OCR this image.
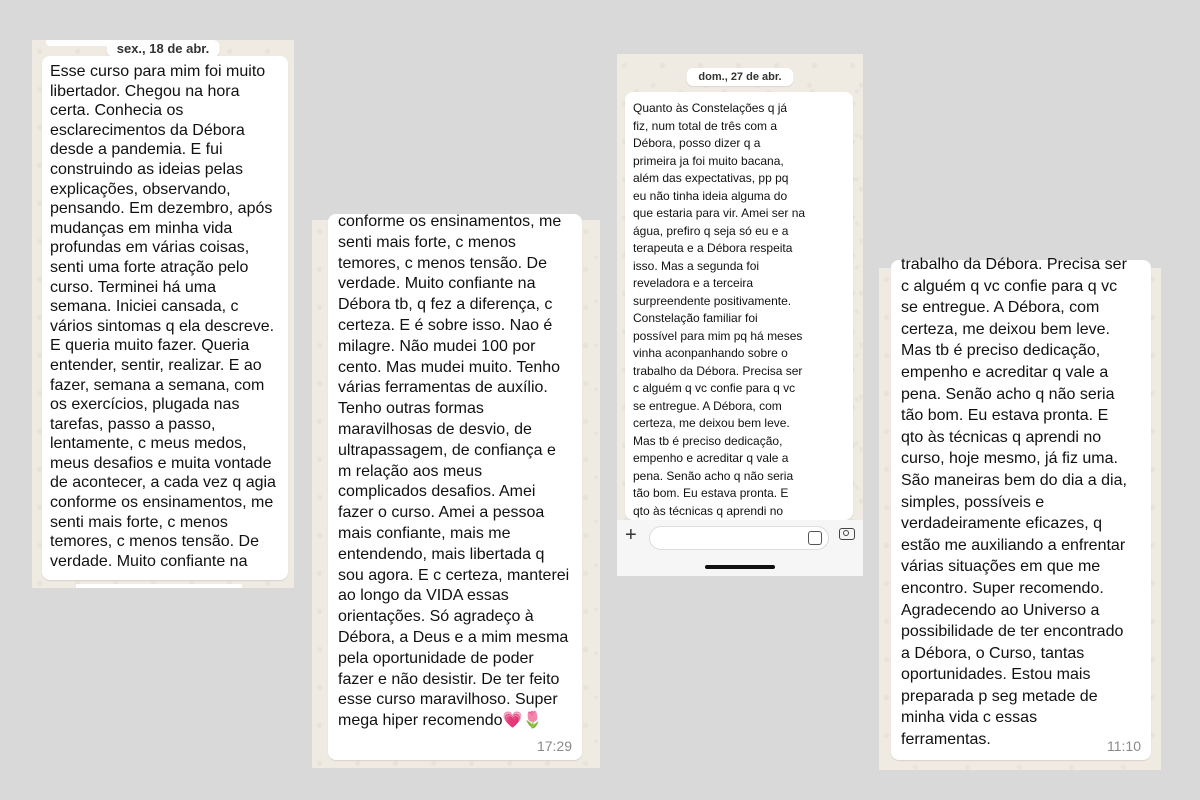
sex., 18 de abr.
Esse curso para mim foi muito
libertador. Chegou na hora
certa. Conhecia os
esclarecimentos da Débora
desde a pandemia. E fui
construindo as ideias pelas
explicações, observando,
pensando. Em dezembro, após
mudanças em minha vida
profundas em várias coisas,
senti uma forte atração pelo
curso. Terminei há uma
semana. Iniciei cansada, c
vários sintomas q ela descreve.
E queria muito fazer. Queria
entender, sentir, realizar. E ao
fazer, semana a semana, com
os exercícios, plugada nas
tarefas, passo a passo,
lentamente, c meus medos,
meus desafios e muita vontade
de acontecer, a cada vez q agia
conforme os ensinamentos, me
senti mais forte, c menos
temores, c menos tensão. De
verdade. Muito confiante na
conforme os ensinamentos, me
senti mais forte, c menos
temores, c menos tensão. De
verdade. Muito confiante na
Débora tb, q fez a diferença, c
certeza. E é sobre isso. Nao é
milagre. Não mudei 100 por
cento. Mas mudei muito. Tenho
várias ferramentas de auxílio.
Tenho outras formas
maravilhosas de desvio, de
ultrapassagem, de confiança e
m relação aos meus
complicados desafios. Amei
fazer o curso. Amei a pessoa
mais confiante, mais me
entendendo, mais libertada q
sou agora. E c certeza, manterei
ao longo da VIDA essas
orientações. Só agradeço à
Débora, a Deus e a mim mesma
pela oportunidade de poder
fazer e não desistir. De ter feito
esse curso maravilhoso. Super
mega hiper recomendo💗🌷
17:29
dom., 27 de abr.
Quanto às Constelações q já
fiz, num total de três com a
Débora, posso dizer q a
primeira ja foi muito bacana,
além das expectativas, pp pq
eu não tinha ideia alguma do
que estaria para vir. Amei ser na
água, prefiro q seja só eu e a
terapeuta e a Débora respeita
isso. Mas a segunda foi
reveladora e a terceira
surpreendente positivamente.
Constelação familiar foi
possível para mim pq há meses
vinha aconpanhando sobre o
trabalho da Débora. Precisa ser
c alguém q vc confie para q vc
se entregue. A Débora, com
certeza, me deixou bem leve.
Mas tb é preciso dedicação,
empenho e acreditar q vale a
pena. Senão acho q não seria
tão bom. Eu estava pronta. E
qto às técnicas q aprendi no
+
trabalho da Débora. Precisa ser
c alguém q vc confie para q vc
se entregue. A Débora, com
certeza, me deixou bem leve.
Mas tb é preciso dedicação,
empenho e acreditar q vale a
pena. Senão acho q não seria
tão bom. Eu estava pronta. E
qto às técnicas q aprendi no
curso, hoje mesmo, já fiz uma.
São maneiras bem do dia a dia,
simples, possíveis e
verdadeiramente eficazes, q
estão me auxiliando a enfrentar
várias situações em que me
encontro. Super recomendo.
Agradecendo ao Universo a
possibilidade de ter encontrado
a Débora, o Curso, tantas
oportunidades. Estou mais
preparada p seg metade de
minha vida c essas
ferramentas.	11:10
